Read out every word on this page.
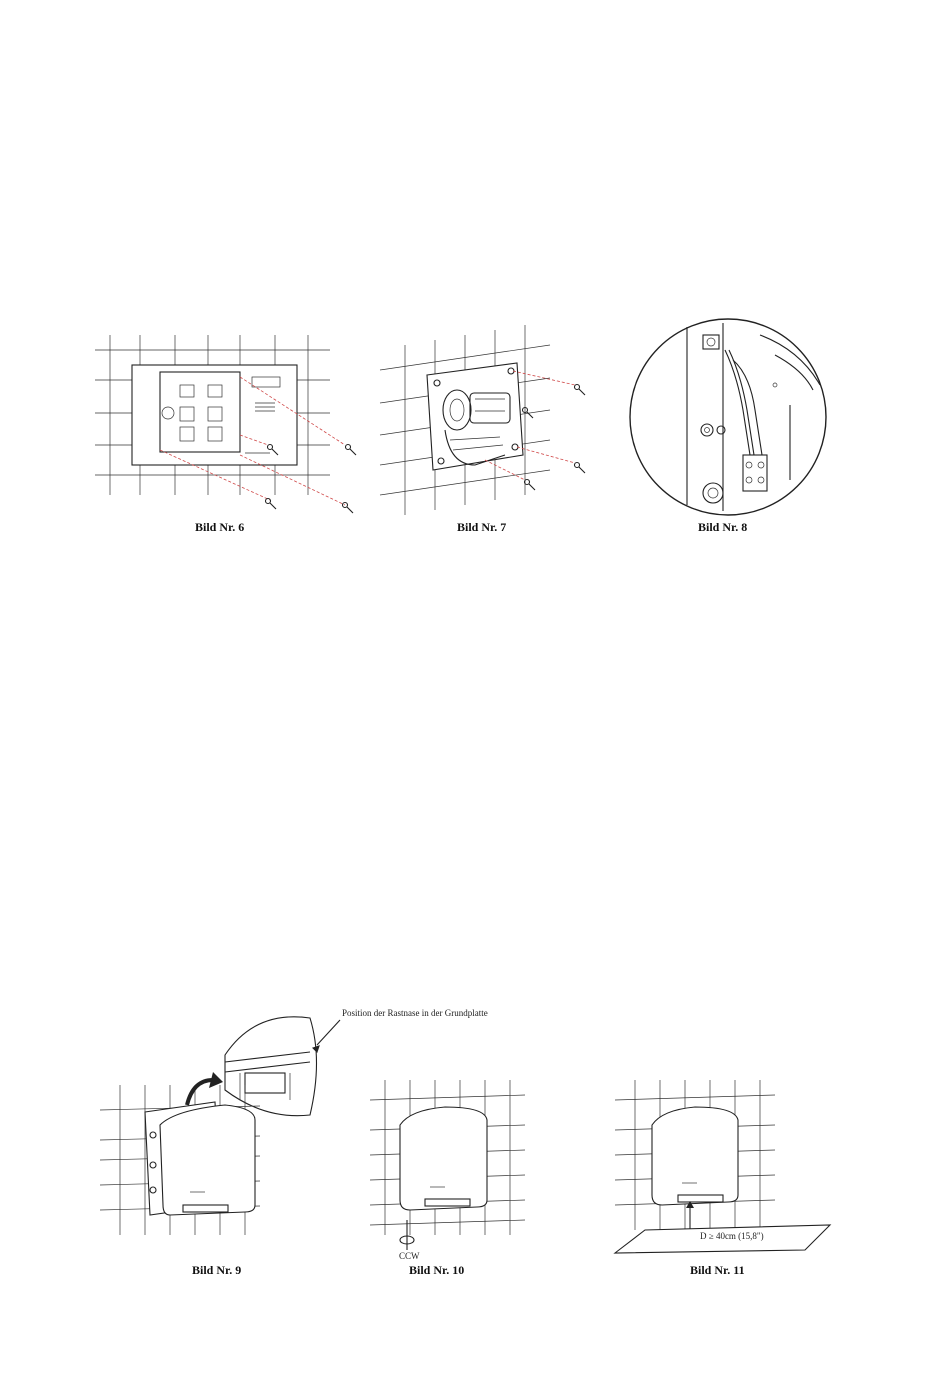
Bild Nr. 6	Bild Nr. 7	Bild Nr. 8
Position der Rastnase in der Grundplatte
Bild Nr. 9
CCW
Bild Nr. 10
D ≥ 40cm (15,8")
Bild Nr. 11
